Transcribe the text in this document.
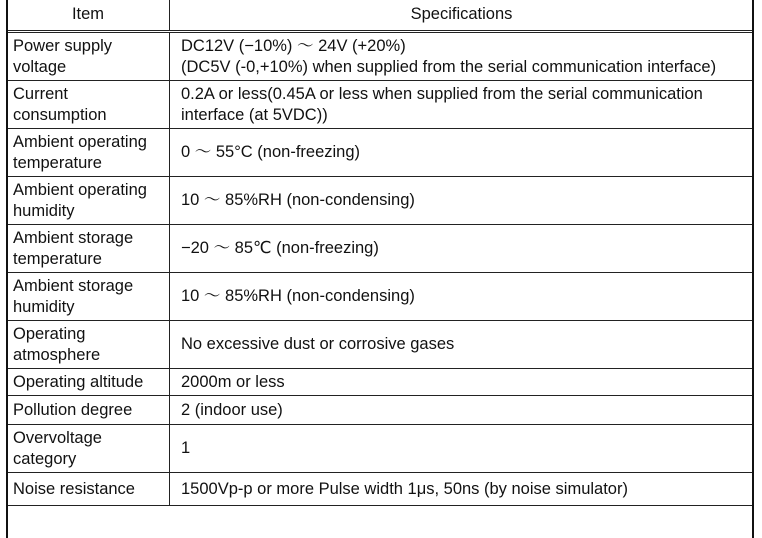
Item	Specifications

Power supply
voltage	DC12V (−10%) 〜 24V (+20%)
(DC5V (-0,+10%) when supplied from the serial communication interface)

Current
consumption	0.2A or less(0.45A or less when supplied from the serial communication
interface (at 5VDC))

Ambient operating
temperature	0 〜 55°C (non-freezing)

Ambient operating
humidity	10 〜 85%RH (non-condensing)

Ambient storage
temperature	−20 〜 85℃ (non-freezing)

Ambient storage
humidity	10 〜 85%RH (non-condensing)

Operating
atmosphere	No excessive dust or corrosive gases

Operating altitude	2000m or less

Pollution degree	2 (indoor use)

Overvoltage
category	1

Noise resistance	1500Vp-p or more Pulse width 1μs, 50ns (by noise simulator)
